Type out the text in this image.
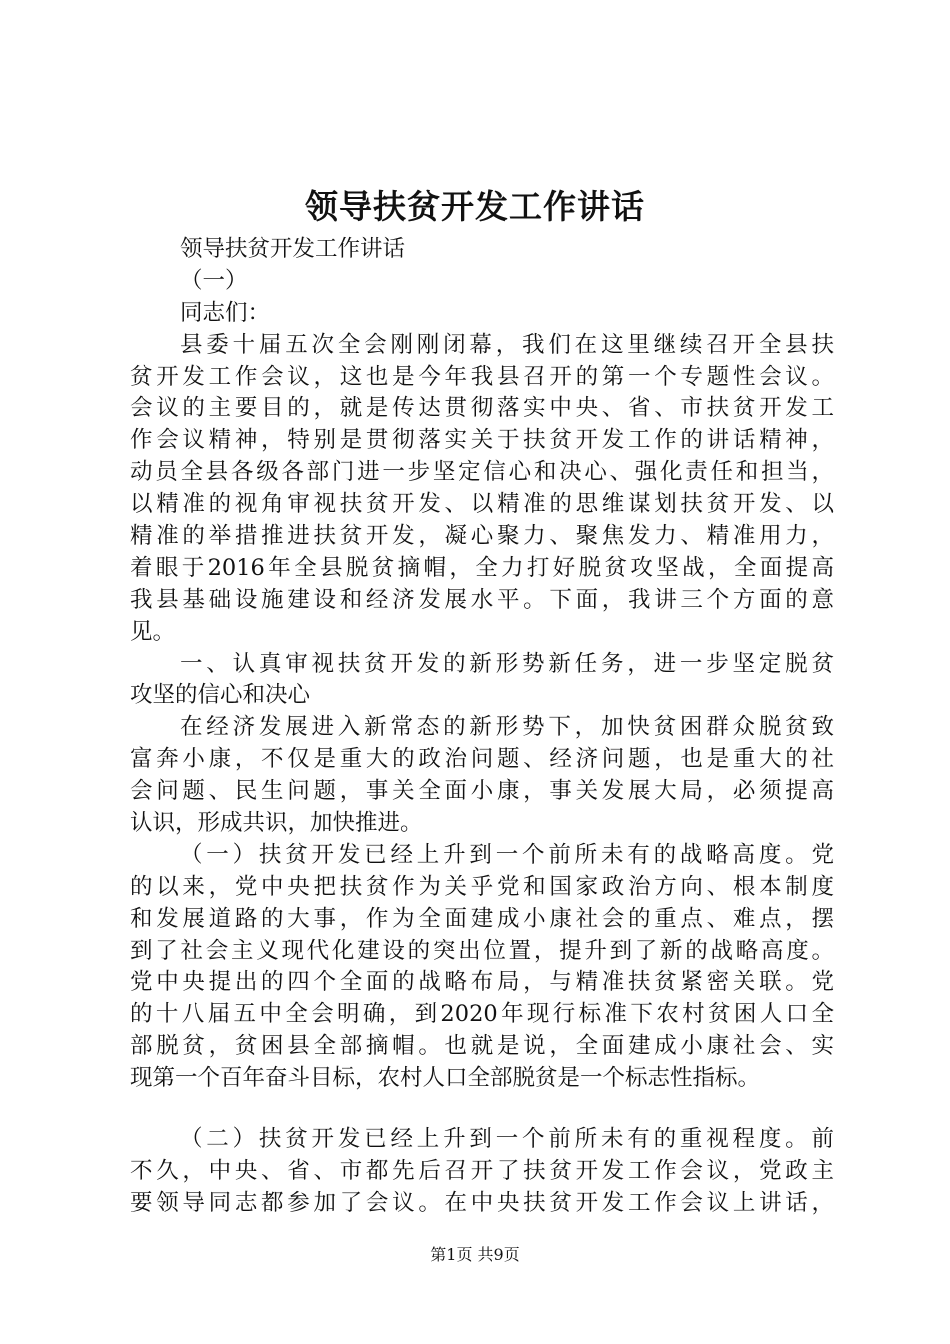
领导扶贫开发工作讲话
领导扶贫开发工作讲话
（一）
同志们：
县委十届五次全会刚刚闭幕，我们在这里继续召开全县扶
贫开发工作会议，这也是今年我县召开的第一个专题性会议。
会议的主要目的，就是传达贯彻落实中央、省、市扶贫开发工
作会议精神，特别是贯彻落实关于扶贫开发工作的讲话精神，
动员全县各级各部门进一步坚定信心和决心、强化责任和担当，
以精准的视角审视扶贫开发、以精准的思维谋划扶贫开发、以
精准的举措推进扶贫开发，凝心聚力、聚焦发力、精准用力，
着眼于2016年全县脱贫摘帽，全力打好脱贫攻坚战，全面提高
我县基础设施建设和经济发展水平。下面，我讲三个方面的意
见。
一、认真审视扶贫开发的新形势新任务，进一步坚定脱贫
攻坚的信心和决心
在经济发展进入新常态的新形势下，加快贫困群众脱贫致
富奔小康，不仅是重大的政治问题、经济问题，也是重大的社
会问题、民生问题，事关全面小康，事关发展大局，必须提高
认识，形成共识，加快推进。
（一）扶贫开发已经上升到一个前所未有的战略高度。党
的以来，党中央把扶贫作为关乎党和国家政治方向、根本制度
和发展道路的大事，作为全面建成小康社会的重点、难点，摆
到了社会主义现代化建设的突出位置，提升到了新的战略高度。
党中央提出的四个全面的战略布局，与精准扶贫紧密关联。党
的十八届五中全会明确，到2020年现行标准下农村贫困人口全
部脱贫，贫困县全部摘帽。也就是说，全面建成小康社会、实
现第一个百年奋斗目标，农村人口全部脱贫是一个标志性指标。
（二）扶贫开发已经上升到一个前所未有的重视程度。前
不久，中央、省、市都先后召开了扶贫开发工作会议，党政主
要领导同志都参加了会议。在中央扶贫开发工作会议上讲话，
第1页 共9页
